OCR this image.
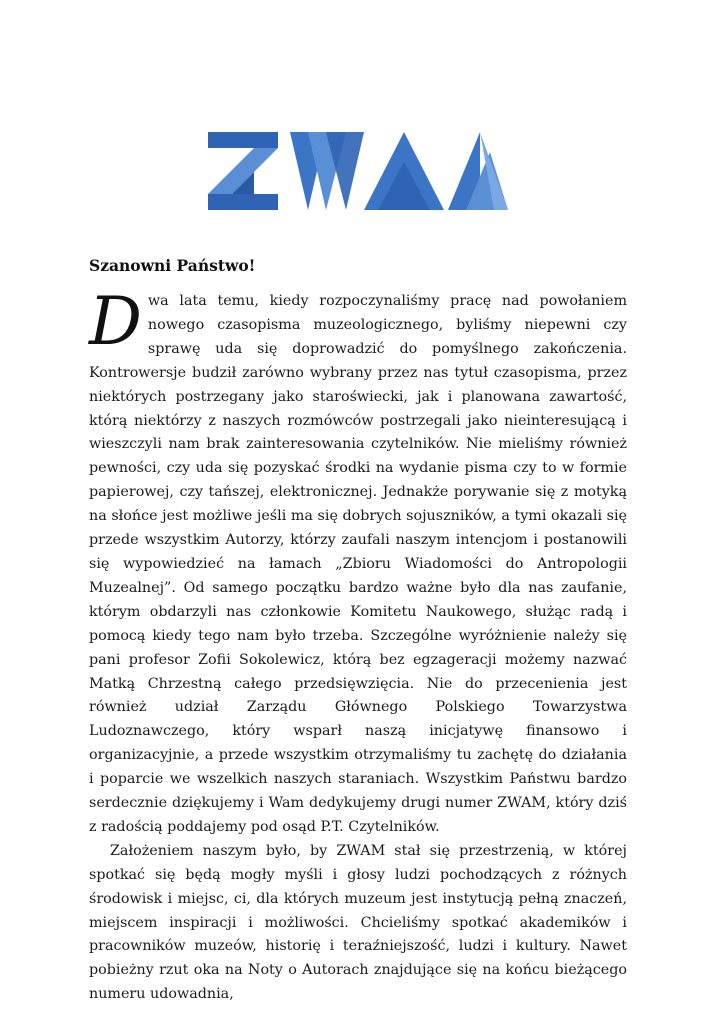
Szanowni Państwo!

Dwa lata temu, kiedy rozpoczynaliśmy pracę nad powołaniem nowego czasopisma muzeologicznego, byliśmy niepewni czy sprawę uda się doprowadzić do pomyślnego zakończenia. Kontrowersje budził zarówno wybrany przez nas tytuł czasopisma, przez niektórych postrzegany jako staroświecki, jak i planowana zawartość, którą niektórzy z naszych rozmówców postrzegali jako nieinteresującą i wieszczyli nam brak zainteresowania czytelników. Nie mieliśmy również pewności, czy uda się pozyskać środki na wydanie pisma czy to w formie papierowej, czy tańszej, elektronicznej. Jednakże porywanie się z motyką na słońce jest możliwe jeśli ma się dobrych sojuszników, a tymi okazali się przede wszystkim Autorzy, którzy zaufali naszym intencjom i postanowili się wypowiedzieć na łamach „Zbioru Wiadomości do Antropologii Muzealnej”. Od samego początku bardzo ważne było dla nas zaufanie, którym obdarzyli nas członkowie Komitetu Naukowego, służąc radą i pomocą kiedy tego nam było trzeba. Szczególne wyróżnienie należy się pani profesor Zofii Sokolewicz, którą bez egzageracji możemy nazwać Matką Chrzestną całego przedsięwzięcia. Nie do przecenienia jest również udział Zarządu Głównego Polskiego Towarzystwa Ludoznawczego, który wsparł naszą inicjatywę finansowo i organizacyjnie, a przede wszystkim otrzymaliśmy tu zachętę do działania i poparcie we wszelkich naszych staraniach. Wszystkim Państwu bardzo serdecznie dziękujemy i Wam dedykujemy drugi numer ZWAM, który dziś z radością poddajemy pod osąd P.T. Czytelników.

Założeniem naszym było, by ZWAM stał się przestrzenią, w której spotkać się będą mogły myśli i głosy ludzi pochodzących z różnych środowisk i miejsc, ci, dla których muzeum jest instytucją pełną znaczeń, miejscem inspiracji i możliwości. Chcieliśmy spotkać akademików i pracowników muzeów, historię i teraźniejszość, ludzi i kultury. Nawet pobieżny rzut oka na Noty o Autorach znajdujące się na końcu bieżącego numeru udowadnia,
